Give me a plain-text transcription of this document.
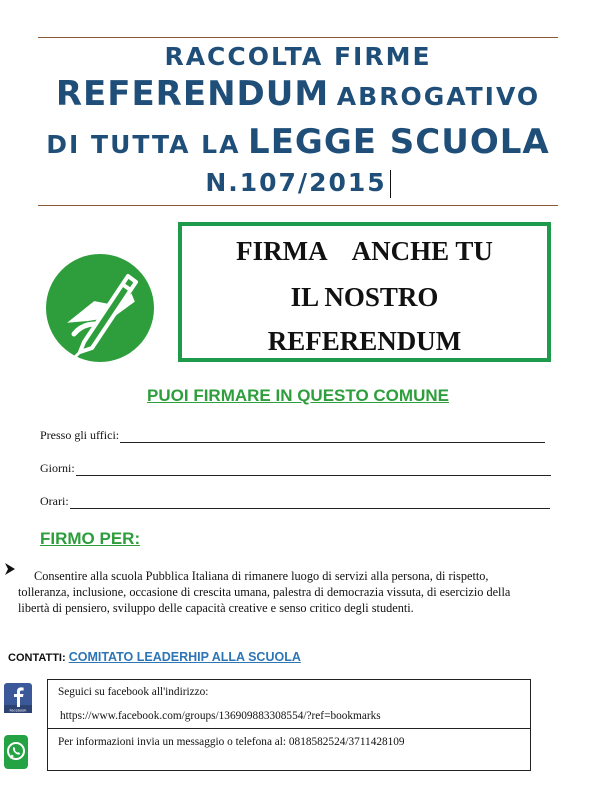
RACCOLTA FIRME
REFERENDUM ABROGATIVO
DI TUTTA LA LEGGE SCUOLA
N.107/2015
FIRMA    ANCHE TU
IL NOSTRO
REFERENDUM
PUOI FIRMARE IN QUESTO COMUNE
Presso gli uffici:
Giorni:
Orari:
FIRMO PER:
Consentire alla scuola Pubblica Italiana di rimanere luogo di servizi alla persona, di rispetto,
tolleranza, inclusione, occasione di crescita umana, palestra di democrazia vissuta, di esercizio della
libertà di pensiero, sviluppo delle capacità creative e senso critico degli studenti.
CONTATTI: COMITATO LEADERHIP ALLA SCUOLA
Facebook
Seguici su facebook all'indirizzo:
https://www.facebook.com/groups/136909883308554/?ref=bookmarks
Per informazioni invia un messaggio o telefona al: 0818582524/3711428109
